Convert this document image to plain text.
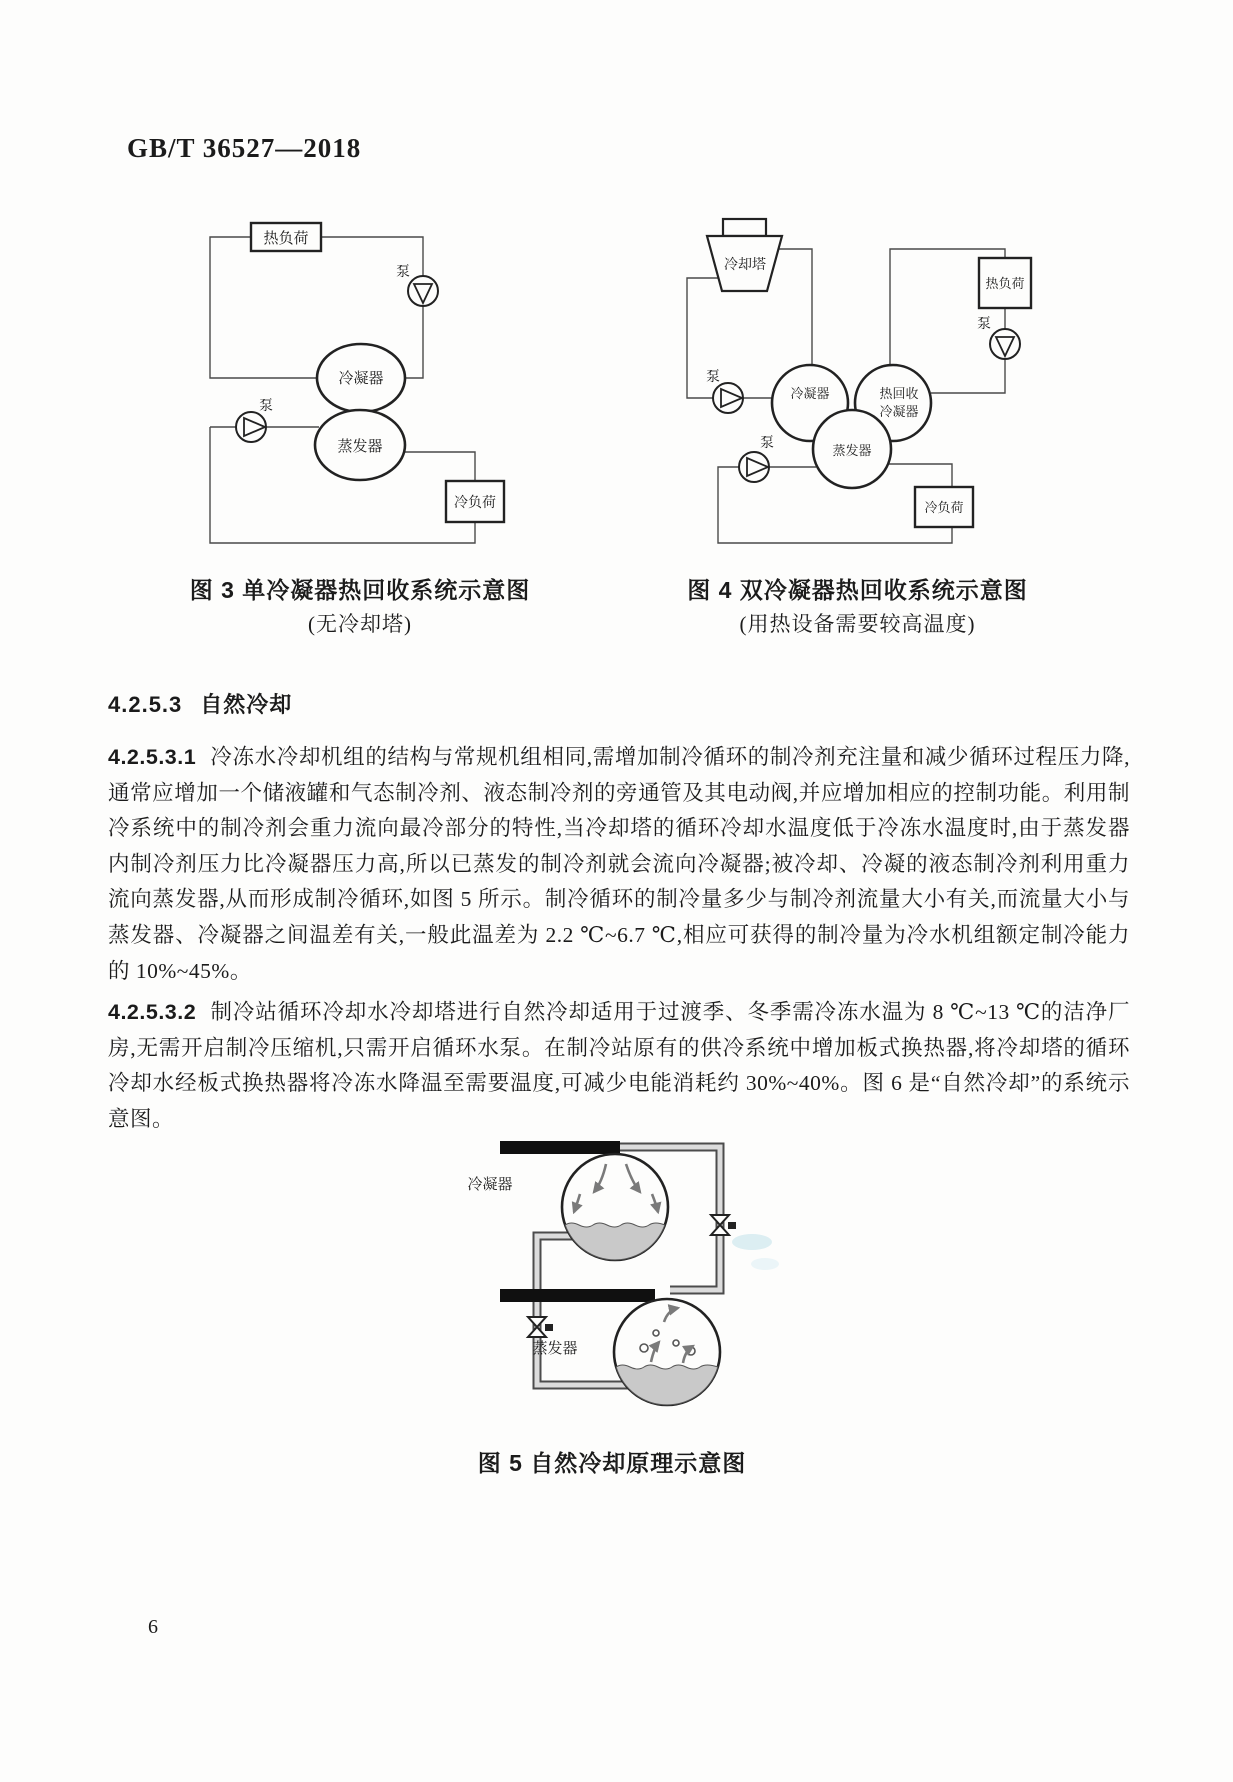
GB/T 36527—2018
热负荷
泵
冷凝器
蒸发器
泵
冷负荷
冷却塔
热负荷
泵
冷凝器	热回收
冷凝器
蒸发器
泵
泵
冷负荷
图 3 单冷凝器热回收系统示意图
(无冷却塔)
图 4 双冷凝器热回收系统示意图
(用热设备需要较高温度)
4.2.5.3 自然冷却

4.2.5.3.1 冷冻水冷却机组的结构与常规机组相同,需增加制冷循环的制冷剂充注量和减少循环过程压力降,通常应增加一个储液罐和气态制冷剂、液态制冷剂的旁通管及其电动阀,并应增加相应的控制功能。利用制冷系统中的制冷剂会重力流向最冷部分的特性,当冷却塔的循环冷却水温度低于冷冻水温度时,由于蒸发器内制冷剂压力比冷凝器压力高,所以已蒸发的制冷剂就会流向冷凝器;被冷却、冷凝的液态制冷剂利用重力流向蒸发器,从而形成制冷循环,如图 5 所示。制冷循环的制冷量多少与制冷剂流量大小有关,而流量大小与蒸发器、冷凝器之间温差有关,一般此温差为 2.2 ℃~6.7 ℃,相应可获得的制冷量为冷水机组额定制冷能力的 10%~45%。

4.2.5.3.2 制冷站循环冷却水冷却塔进行自然冷却适用于过渡季、冬季需冷冻水温为 8 ℃~13 ℃的洁净厂房,无需开启制冷压缩机,只需开启循环水泵。在制冷站原有的供冷系统中增加板式换热器,将冷却塔的循环冷却水经板式换热器将冷冻水降温至需要温度,可减少电能消耗约 30%~40%。图 6 是“自然冷却”的系统示意图。

冷凝器
蒸发器
图 5 自然冷却原理示意图
6
